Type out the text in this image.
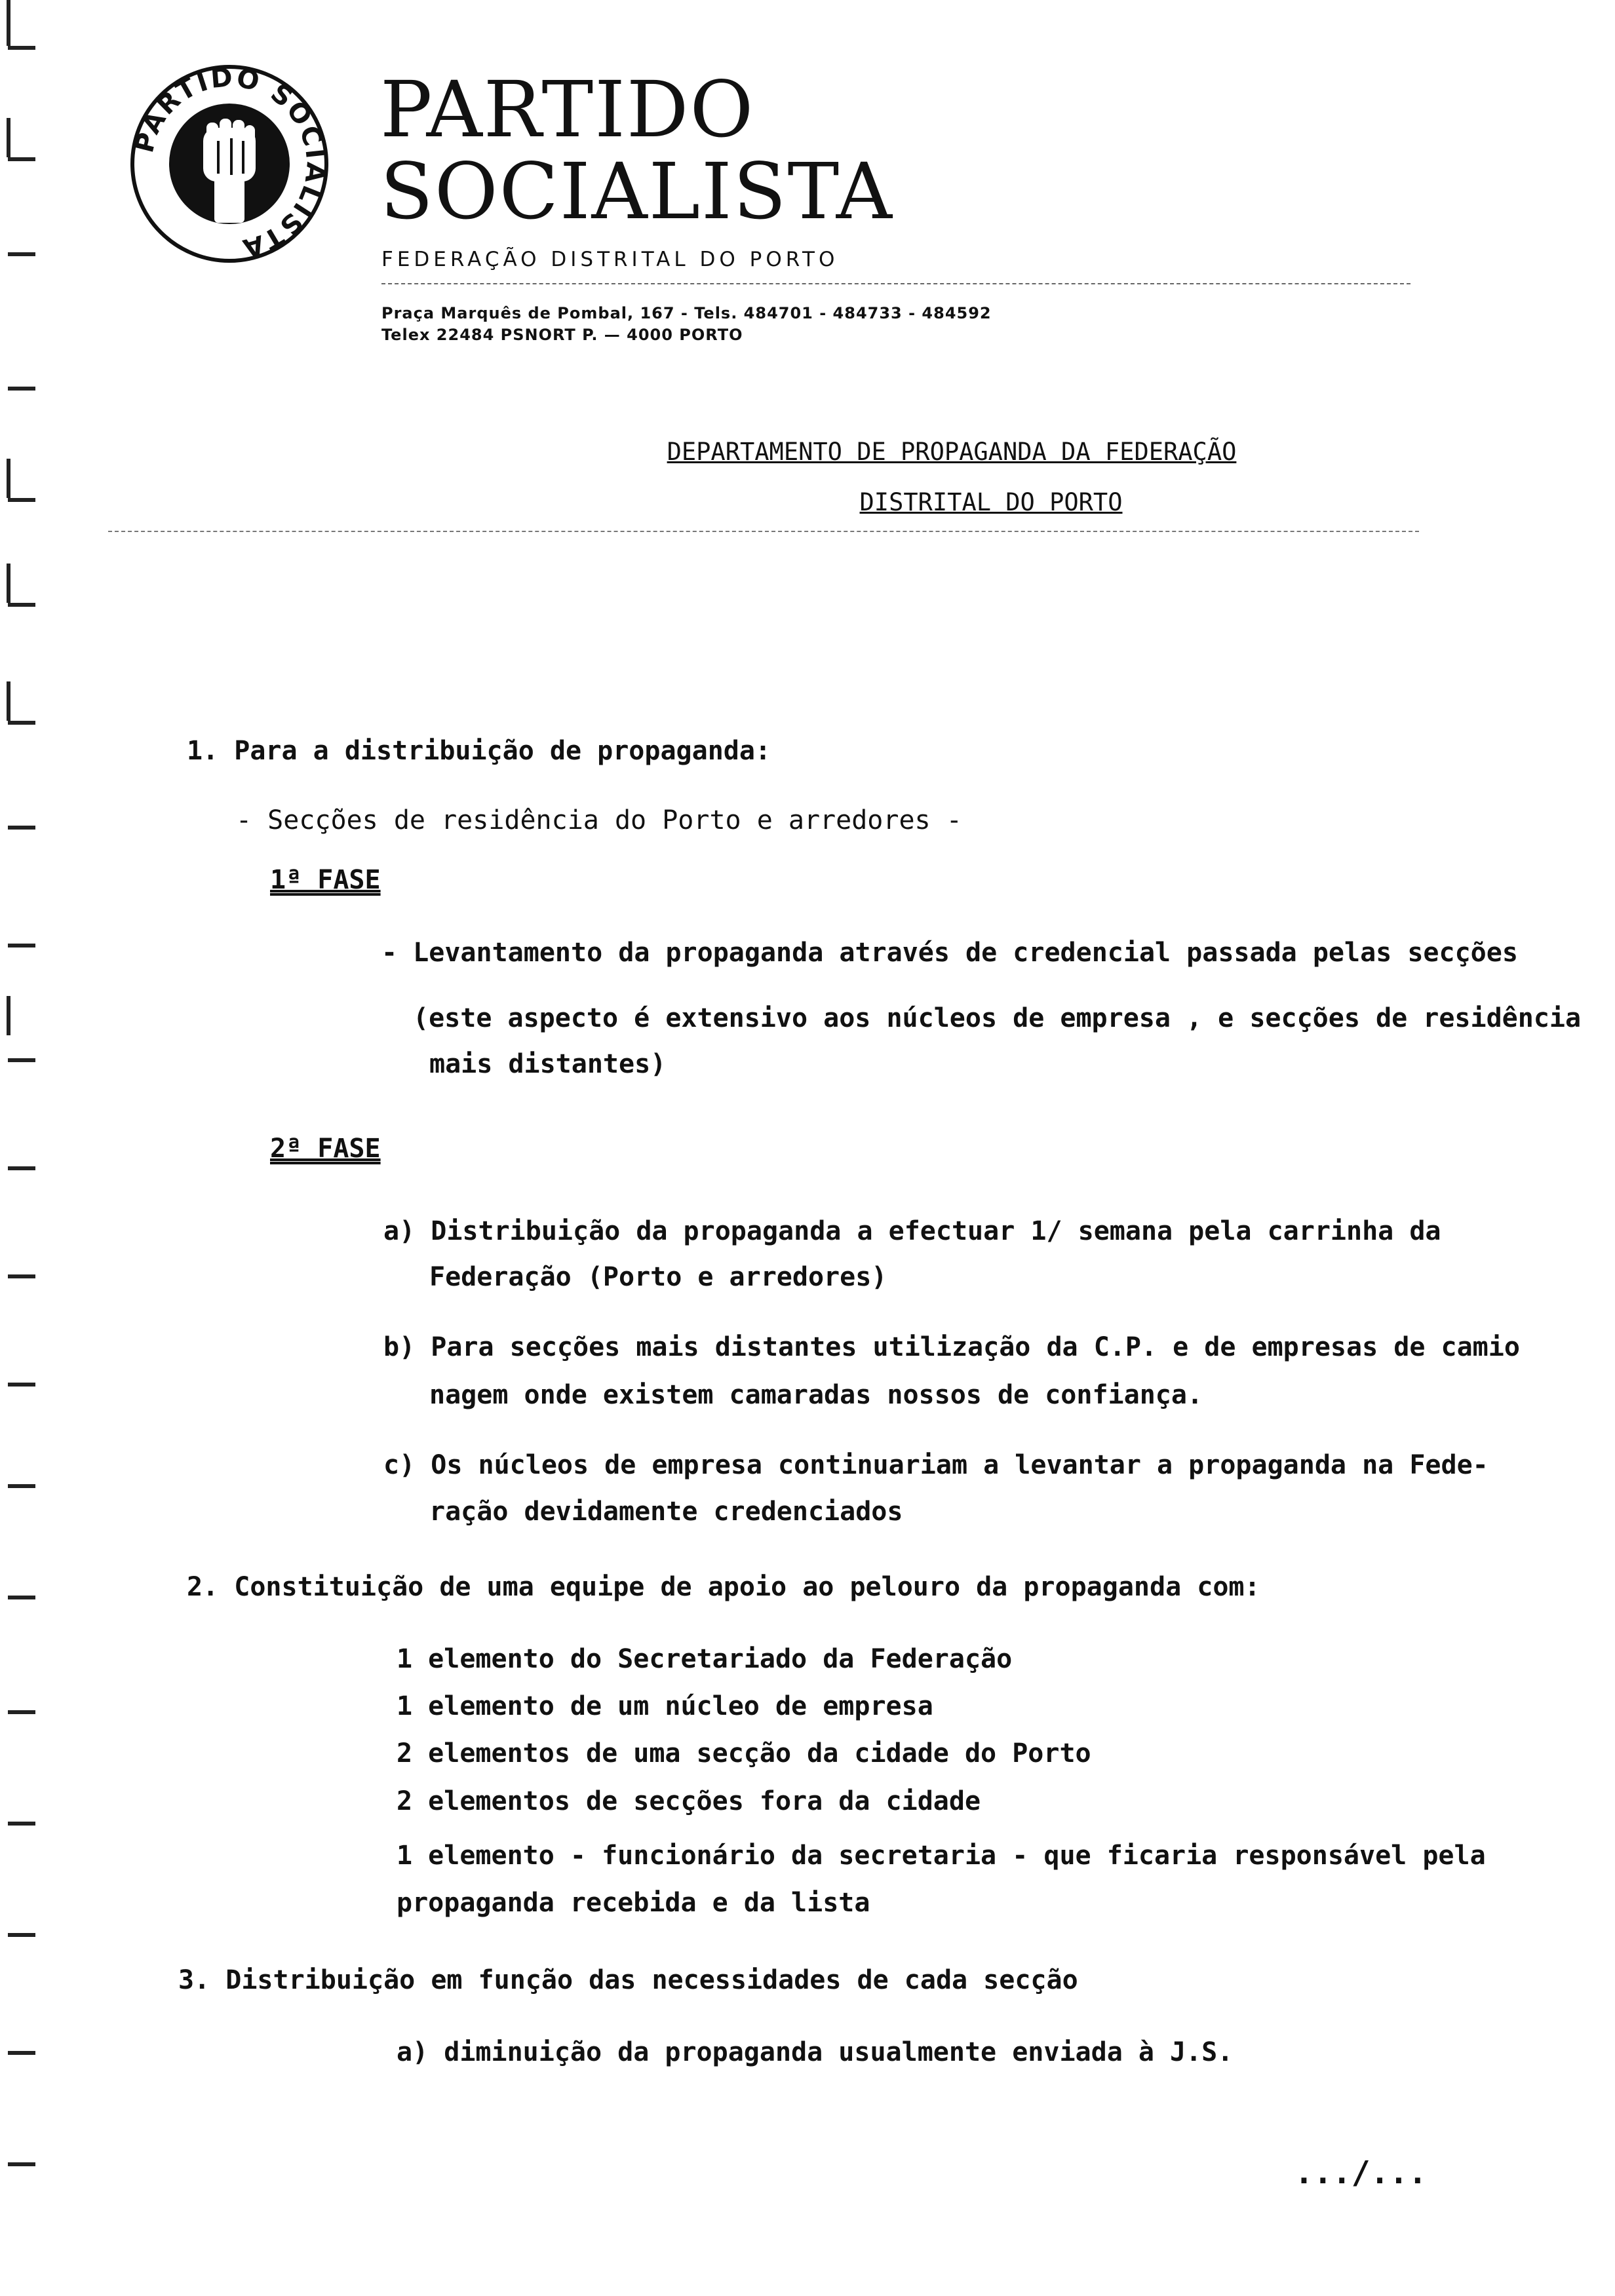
PARTIDO SOCIALISTA
PARTIDO
SOCIALISTA
FEDERAÇÃO DISTRITAL DO PORTO
Praça Marquês de Pombal, 167 - Tels. 484701 - 484733 - 484592
Telex 22484 PSNORT P. — 4000 PORTO
DEPARTAMENTO DE PROPAGANDA DA FEDERAÇÃO
DISTRITAL DO PORTO
1. Para a distribuição de propaganda:
- Secções de residência do Porto e arredores -
1ª FASE
- Levantamento da propaganda através de credencial passada pelas secções
(este aspecto é extensivo aos núcleos de empresa , e secções de residência
mais distantes)
2ª FASE
a) Distribuição da propaganda a efectuar 1/ semana pela carrinha da
Federação (Porto e arredores)
b) Para secções mais distantes utilização da C.P. e de empresas de camio
nagem onde existem camaradas nossos de confiança.
c) Os núcleos de empresa continuariam a levantar a propaganda na Fede-
ração devidamente credenciados
2. Constituição de uma equipe de apoio ao pelouro da propaganda com:
1 elemento do Secretariado da Federação
1 elemento de um núcleo de empresa
2 elementos de uma secção da cidade do Porto
2 elementos de secções fora da cidade
1 elemento - funcionário da secretaria - que ficaria responsável pela
propaganda recebida e da lista
3. Distribuição em função das necessidades de cada secção
a) diminuição da propaganda usualmente enviada à J.S.
.../...
